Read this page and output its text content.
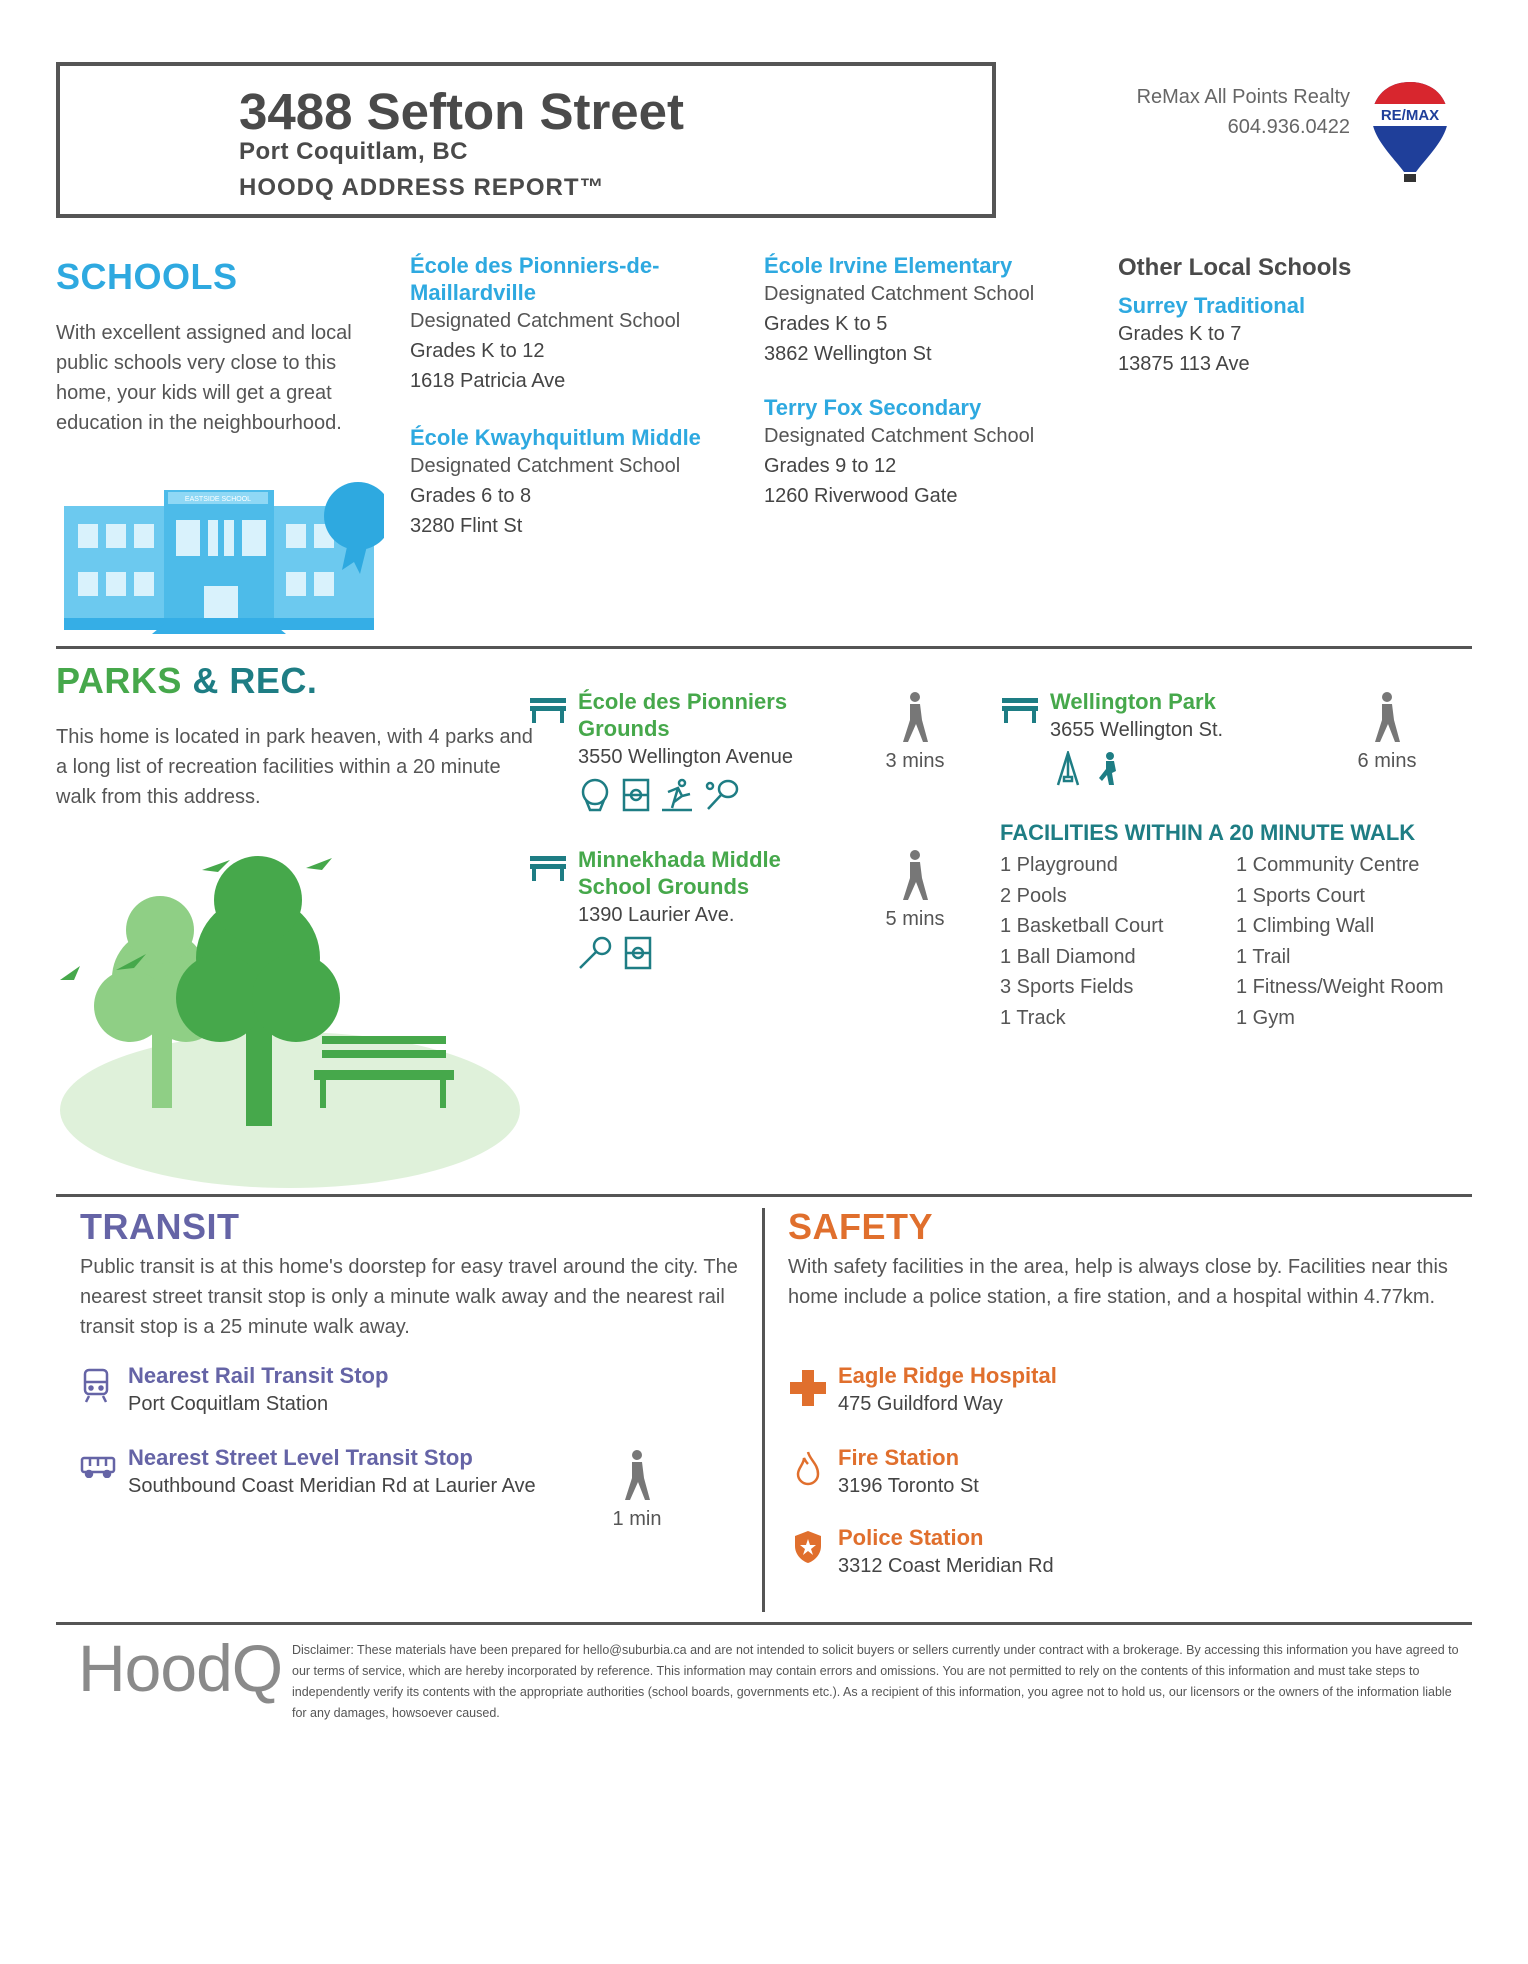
3488 Sefton Street
Port Coquitlam, BC
HOODQ ADDRESS REPORT™
ReMax All Points Realty
604.936.0422
RE/MAX
SCHOOLS
With excellent assigned and local public schools very close to this home, your kids will get a great education in the neighbourhood.
EASTSIDE SCHOOL
École des Pionniers-de-Maillardville
Designated Catchment School
Grades K to 12
1618 Patricia Ave
École Kwayhquitlum Middle
Designated Catchment School
Grades 6 to 8
3280 Flint St
École Irvine Elementary
Designated Catchment School
Grades K to 5
3862 Wellington St
Terry Fox Secondary
Designated Catchment School
Grades 9 to 12
1260 Riverwood Gate
Other Local Schools
Surrey Traditional
Grades K to 7
13875 113 Ave
PARKS & REC.
This home is located in park heaven, with 4 parks and a long list of recreation facilities within a 20 minute walk from this address.
École des Pionniers Grounds
3550 Wellington Avenue	3 mins
Minnekhada Middle School Grounds
1390 Laurier Ave.	5 mins
Wellington Park
3655 Wellington St.
6 mins
FACILITIES WITHIN A 20 MINUTE WALK
1 Playground
2 Pools
1 Basketball Court
1 Ball Diamond
3 Sports Fields
1 Track
1 Community Centre
1 Sports Court
1 Climbing Wall
1 Trail
1 Fitness/Weight Room
1 Gym
TRANSIT
Public transit is at this home's doorstep for easy travel around the city. The nearest street transit stop is only a minute walk away and the nearest rail transit stop is a 25 minute walk away.
Nearest Rail Transit Stop
Port Coquitlam Station
Nearest Street Level Transit Stop
Southbound Coast Meridian Rd at Laurier Ave
1 min
SAFETY
With safety facilities in the area, help is always close by. Facilities near this home include a police station, a fire station, and a hospital within 4.77km.
Eagle Ridge Hospital
475 Guildford Way
Fire Station
3196 Toronto St
Police Station
3312 Coast Meridian Rd
HoodQ Disclaimer: These materials have been prepared for hello@suburbia.ca and are not intended to solicit buyers or sellers currently under contract with a brokerage. By accessing this information you have agreed to our terms of service, which are hereby incorporated by reference. This information may contain errors and omissions. You are not permitted to rely on the contents of this information and must take steps to independently verify its contents with the appropriate authorities (school boards, governments etc.). As a recipient of this information, you agree not to hold us, our licensors or the owners of the information liable for any damages, howsoever caused.
